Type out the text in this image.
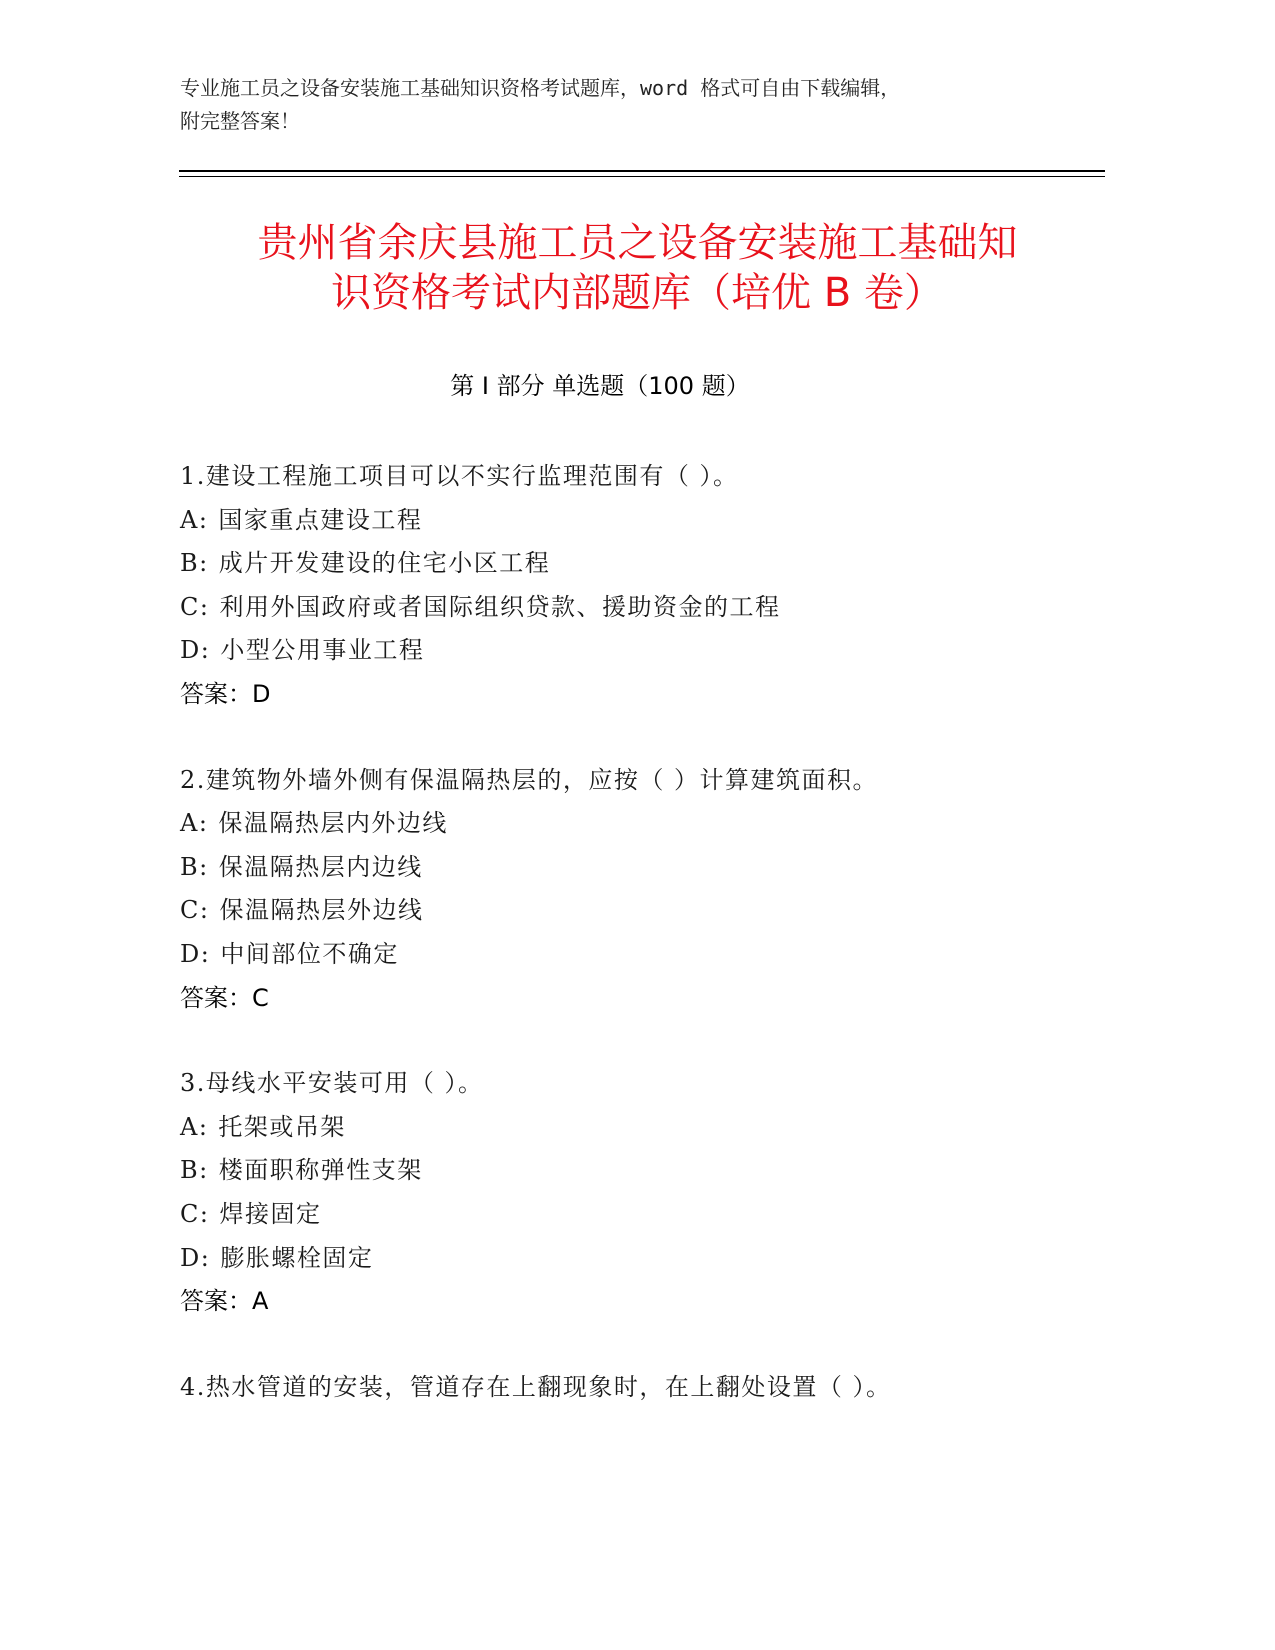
专业施工员之设备安装施工基础知识资格考试题库，word 格式可自由下载编辑，
附完整答案！
贵州省余庆县施工员之设备安装施工基础知
识资格考试内部题库（培优 B 卷）
第 I 部分 单选题（100 题）
1.建设工程施工项目可以不实行监理范围有（ ）。
A: 国家重点建设工程
B: 成片开发建设的住宅小区工程
C: 利用外国政府或者国际组织贷款、援助资金的工程
D: 小型公用事业工程
答案：D
2.建筑物外墙外侧有保温隔热层的，应按（ ）计算建筑面积。
A: 保温隔热层内外边线
B: 保温隔热层内边线
C: 保温隔热层外边线
D: 中间部位不确定
答案：C
3.母线水平安装可用（ ）。
A: 托架或吊架
B: 楼面职称弹性支架
C: 焊接固定
D: 膨胀螺栓固定
答案：A
4.热水管道的安装，管道存在上翻现象时，在上翻处设置（ ）。
